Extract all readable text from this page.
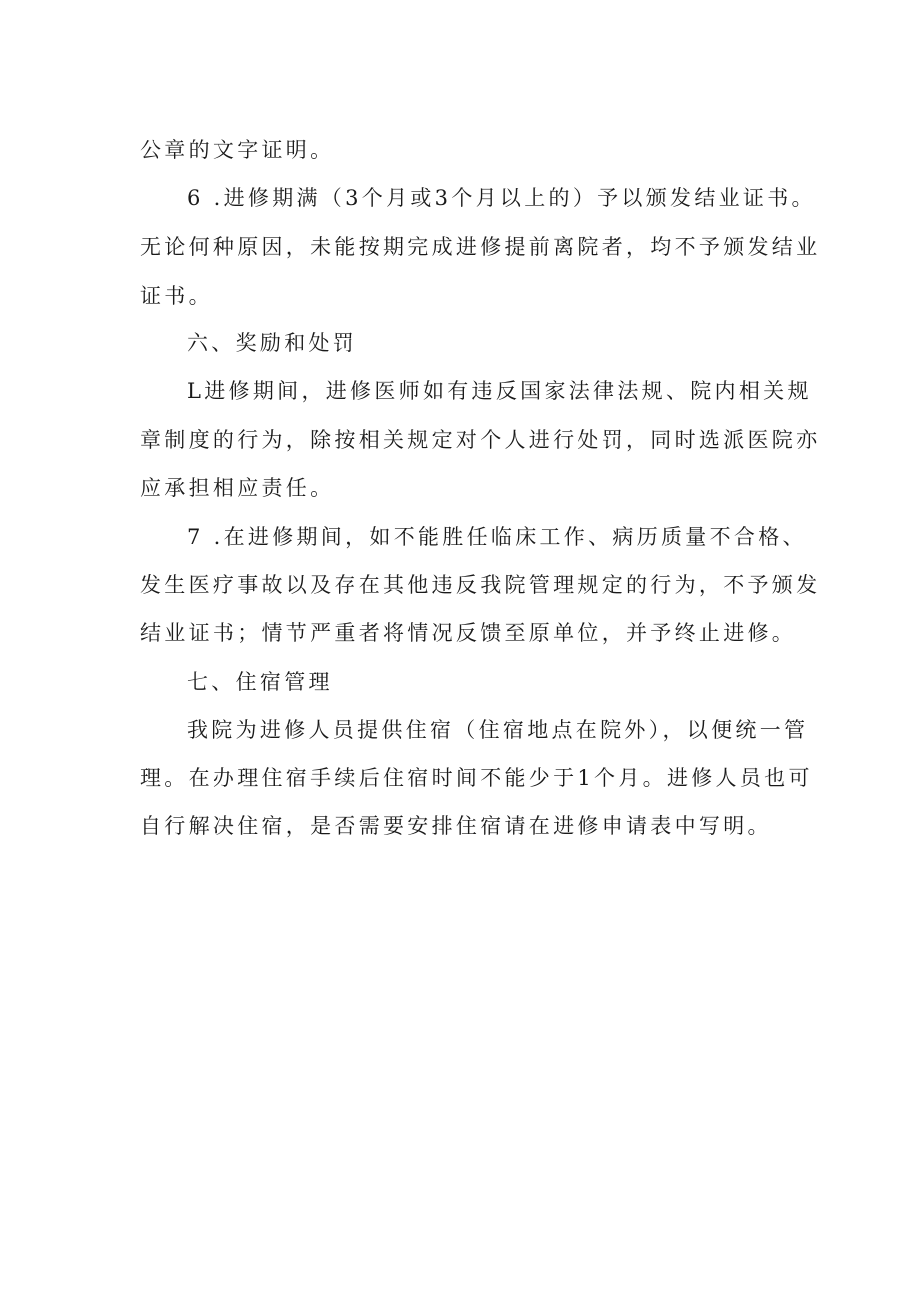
公章的文字证明。
6 .进修期满（3个月或3个月以上的）予以颁发结业证书。
无论何种原因，未能按期完成进修提前离院者，均不予颁发结业
证书。
六、奖励和处罚
L进修期间，进修医师如有违反国家法律法规、院内相关规
章制度的行为，除按相关规定对个人进行处罚，同时选派医院亦
应承担相应责任。
7 .在进修期间，如不能胜任临床工作、病历质量不合格、
发生医疗事故以及存在其他违反我院管理规定的行为，不予颁发
结业证书；情节严重者将情况反馈至原单位，并予终止进修。
七、住宿管理
我院为进修人员提供住宿（住宿地点在院外），以便统一管
理。在办理住宿手续后住宿时间不能少于1个月。进修人员也可
自行解决住宿，是否需要安排住宿请在进修申请表中写明。
